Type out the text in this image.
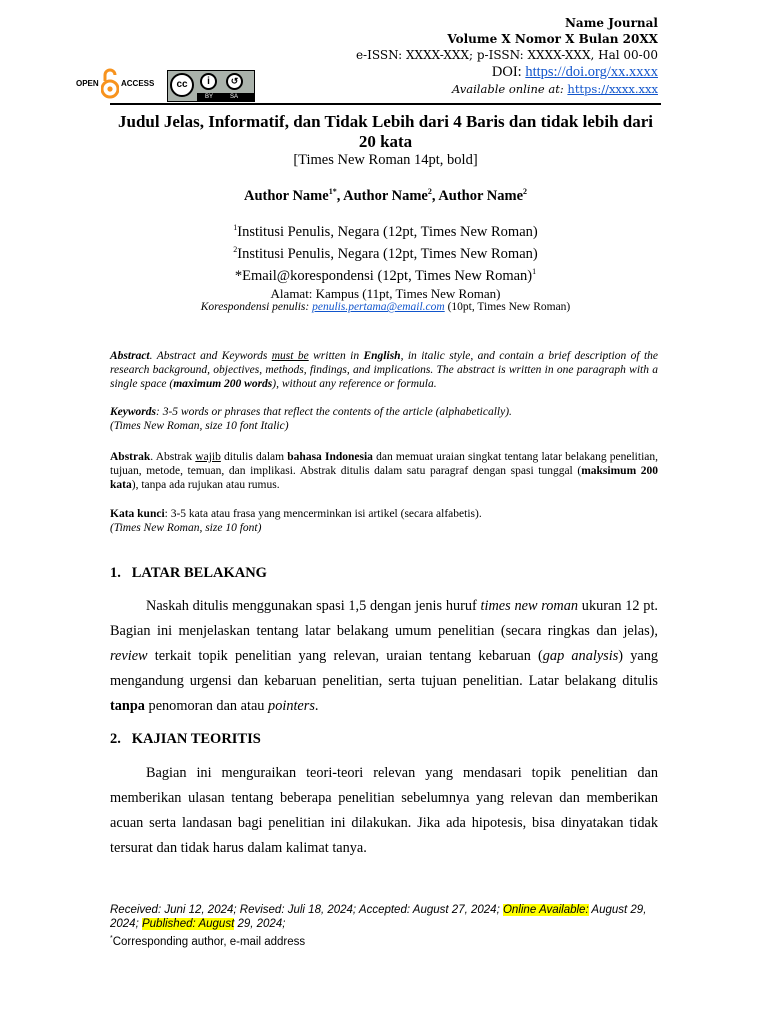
Name Journal
Volume X Nomor X Bulan 20XX
e-ISSN: XXXX-XXX; p-ISSN: XXXX-XXX, Hal 00-00
DOI: https://doi.org/xx.xxxx
Available online at: https://xxxx.xxx
OPEN	ACCESS	cc	i	↺
BY	SA
Judul Jelas, Informatif, dan Tidak Lebih dari 4 Baris dan tidak lebih dari 20 kata
[Times New Roman 14pt, bold]
Author Name$^{1*}$, Author Name$^2$, Author Name$^2$
$^1$Institusi Penulis, Negara (12pt, Times New Roman)
$^2$Institusi Penulis, Negara (12pt, Times New Roman)
*Email@korespondensi (12pt, Times New Roman)$^1$
Alamat: Kampus (11pt, Times New Roman)
Korespondensi penulis: penulis.pertama@email.com (10pt, Times New Roman)
Abstract. Abstract and Keywords must be written in English, in italic style, and contain a brief description of the research background, objectives, methods, findings, and implications. The abstract is written in one paragraph with a single space (maximum 200 words), without any reference or formula.
Keywords: 3-5 words or phrases that reflect the contents of the article (alphabetically).
(Times New Roman, size 10 font Italic)
Abstrak. Abstrak wajib ditulis dalam bahasa Indonesia dan memuat uraian singkat tentang latar belakang penelitian, tujuan, metode, temuan, dan implikasi. Abstrak ditulis dalam satu paragraf dengan spasi tunggal (maksimum 200 kata), tanpa ada rujukan atau rumus.
Kata kunci: 3-5 kata atau frasa yang mencerminkan isi artikel (secara alfabetis).
(Times New Roman, size 10 font)
1.   LATAR BELAKANG
Naskah ditulis menggunakan spasi 1,5 dengan jenis huruf times new roman ukuran 12 pt. Bagian ini menjelaskan tentang latar belakang umum penelitian (secara ringkas dan jelas), review terkait topik penelitian yang relevan, uraian tentang kebaruan (gap analysis) yang mengandung urgensi dan kebaruan penelitian, serta tujuan penelitian. Latar belakang ditulis tanpa penomoran dan atau pointers.
2.   KAJIAN TEORITIS
Bagian ini menguraikan teori-teori relevan yang mendasari topik penelitian dan memberikan ulasan tentang beberapa penelitian sebelumnya yang relevan dan memberikan acuan serta landasan bagi penelitian ini dilakukan. Jika ada hipotesis, bisa dinyatakan tidak tersurat dan tidak harus dalam kalimat tanya.
Received: Juni 12, 2024; Revised: Juli 18, 2024; Accepted: August 27, 2024; Online Available: August 29, 2024; Published: August 29, 2024;
*Corresponding author, e-mail address
